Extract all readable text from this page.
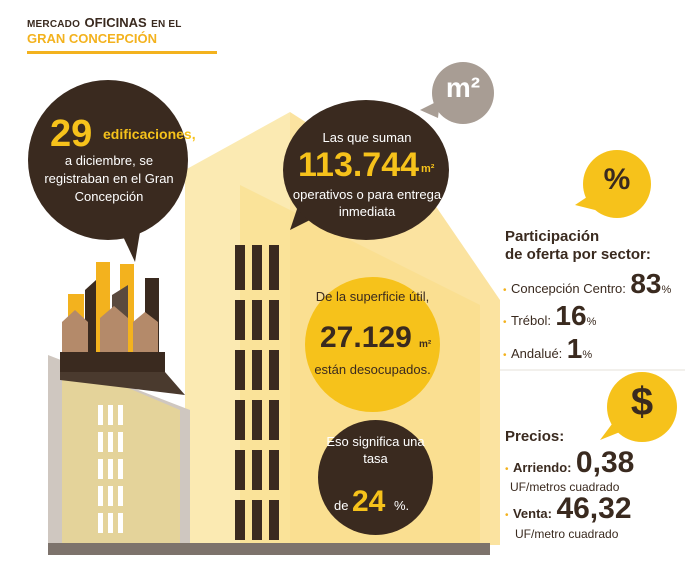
MERCADO OFICINAS EN EL
GRAN CONCEPCIÓN
29 edificaciones,
a diciembre, se registraban en el Gran Concepción
m²
Las que suman
113.744 m²
operativos o para entrega inmediata
De la superficie útil,
27.129 m²
están desocupados.
Eso significa una tasa
de 24 %.
%
Participación
de oferta por sector:
• Concepción Centro: 83%
• Trébol: 16%
• Andalué: 1%
$
Precios:
• Arriendo: 0,38
UF/metros cuadrado
• Venta: 46,32
UF/metro cuadrado
